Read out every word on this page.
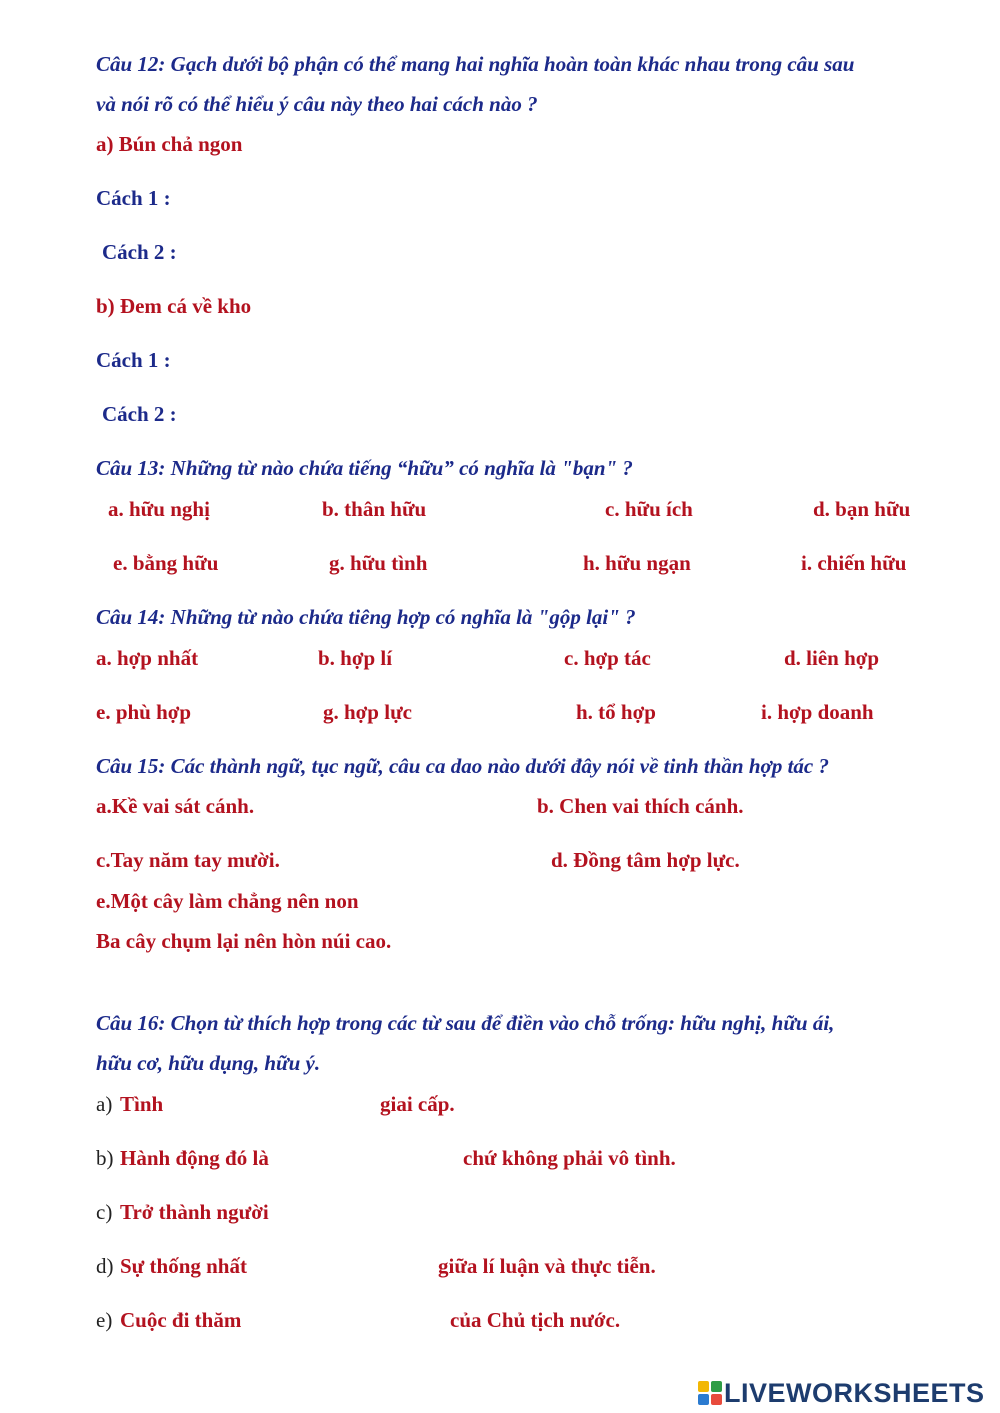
Câu 12: Gạch dưới bộ phận có thể mang hai nghĩa hoàn toàn khác nhau trong câu sau
và nói rõ có thể hiểu ý câu này theo hai cách nào ?
a) Bún chả ngon
Cách 1 :
Cách 2 :
b) Đem cá về kho
Cách 1 :
Cách 2 :
Câu 13: Những từ nào chứa tiếng “hữu” có nghĩa là "bạn" ?
a. hữu nghị	b. thân hữu	c. hữu ích	d. bạn hữu
e. bằng hữu	g. hữu tình	h. hữu ngạn	i. chiến hữu
Câu 14: Những từ nào chứa tiêng hợp có nghĩa là "gộp lại" ?
a. hợp nhất	b. hợp lí	c. hợp tác	d. liên hợp
e. phù hợp	g. hợp lực	h. tổ hợp	i. hợp doanh
Câu 15: Các thành ngữ, tục ngữ, câu ca dao nào dưới đây nói về tinh thần hợp tác ?
a.Kề vai sát cánh.	b. Chen vai thích cánh.
c.Tay năm tay mười.	d. Đồng tâm hợp lực.
e.Một cây làm chẳng nên non
Ba cây chụm lại nên hòn núi cao.
Câu 16: Chọn từ thích hợp trong các từ sau để điền vào chỗ trống: hữu nghị, hữu ái,
hữu cơ, hữu dụng, hữu ý.
a) Tình	giai cấp.
b) Hành động đó là	chứ không phải vô tình.
c) Trở thành người
d) Sự thống nhất	giữa lí luận và thực tiễn.
e) Cuộc đi thăm	của Chủ tịch nước.
LIVEWORKSHEETS
